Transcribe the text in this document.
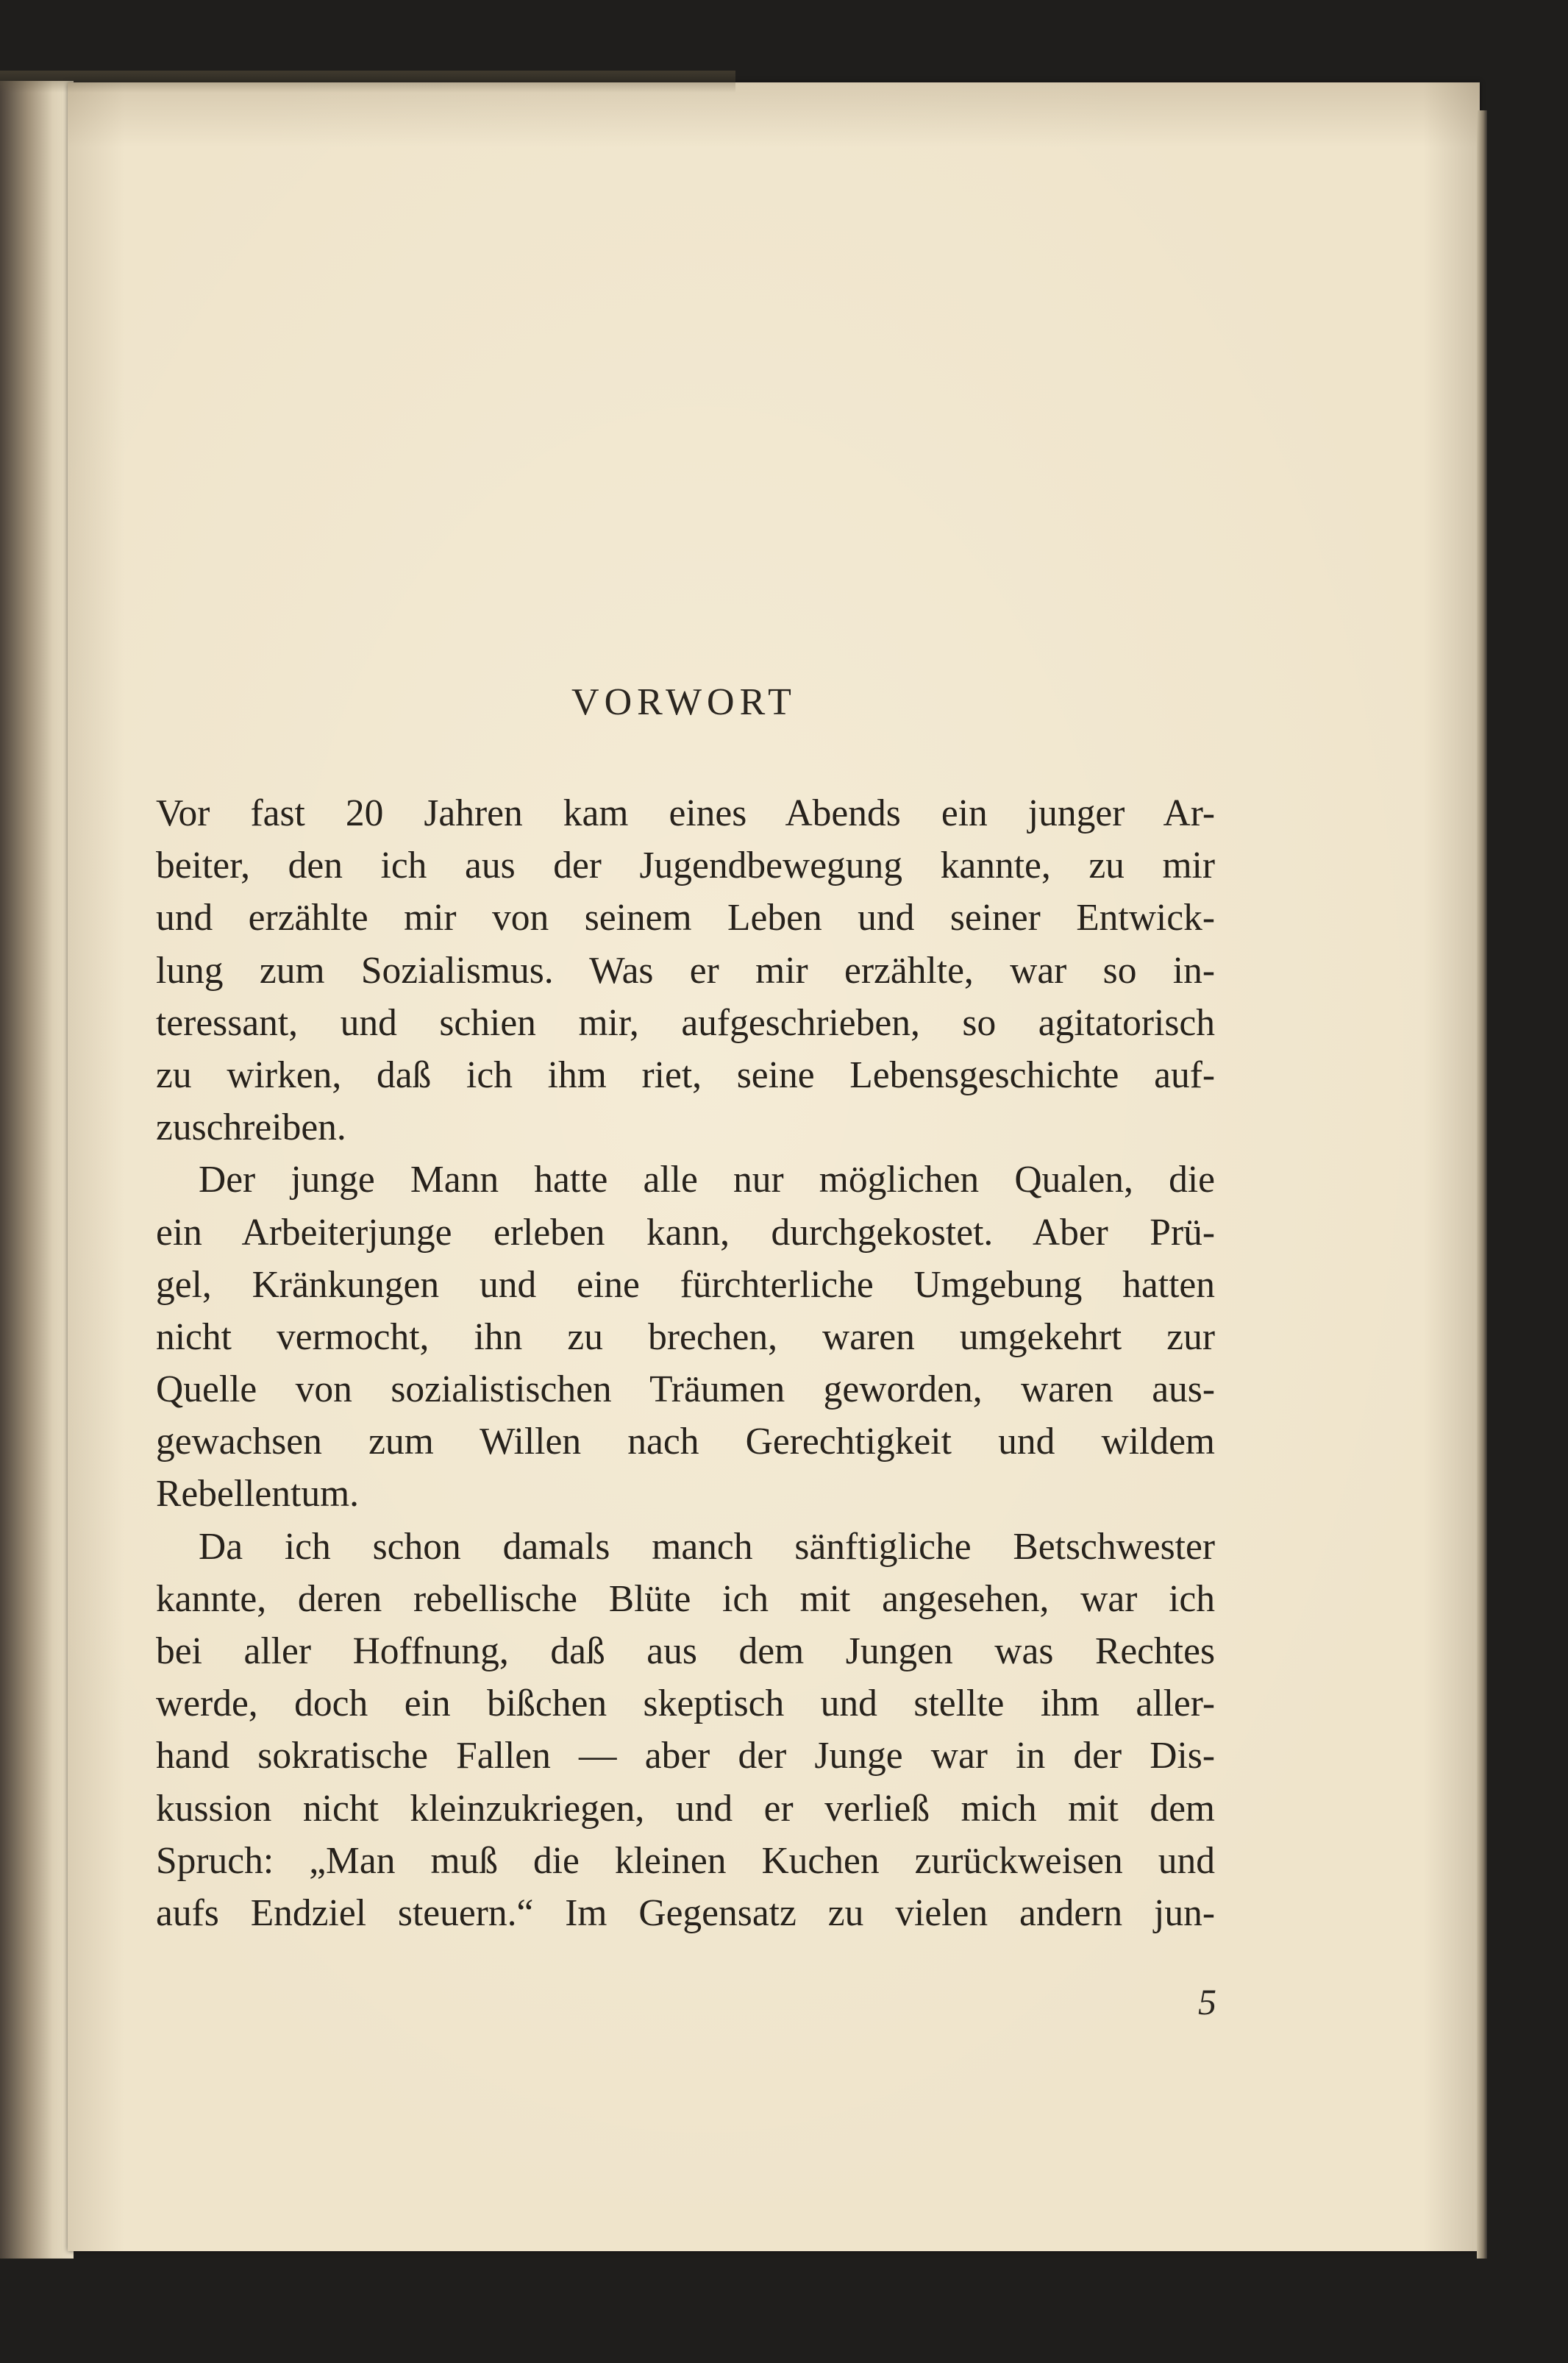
VORWORT
Vor fast 20 Jahren kam eines Abends ein junger Ar-
beiter, den ich aus der Jugendbewegung kannte, zu mir
und erzählte mir von seinem Leben und seiner Entwick-
lung zum Sozialismus. Was er mir erzählte, war so in-
teressant, und schien mir, aufgeschrieben, so agitatorisch
zu wirken, daß ich ihm riet, seine Lebensgeschichte auf-
zuschreiben.
Der junge Mann hatte alle nur möglichen Qualen, die
ein Arbeiterjunge erleben kann, durchgekostet. Aber Prü-
gel, Kränkungen und eine fürchterliche Umgebung hatten
nicht vermocht, ihn zu brechen, waren umgekehrt zur
Quelle von sozialistischen Träumen geworden, waren aus-
gewachsen zum Willen nach Gerechtigkeit und wildem
Rebellentum.
Da ich schon damals manch sänftigliche Betschwester
kannte, deren rebellische Blüte ich mit angesehen, war ich
bei aller Hoffnung, daß aus dem Jungen was Rechtes
werde, doch ein bißchen skeptisch und stellte ihm aller-
hand sokratische Fallen — aber der Junge war in der Dis-
kussion nicht kleinzukriegen, und er verließ mich mit dem
Spruch: „Man muß die kleinen Kuchen zurückweisen und
aufs Endziel steuern.“ Im Gegensatz zu vielen andern jun-
5
